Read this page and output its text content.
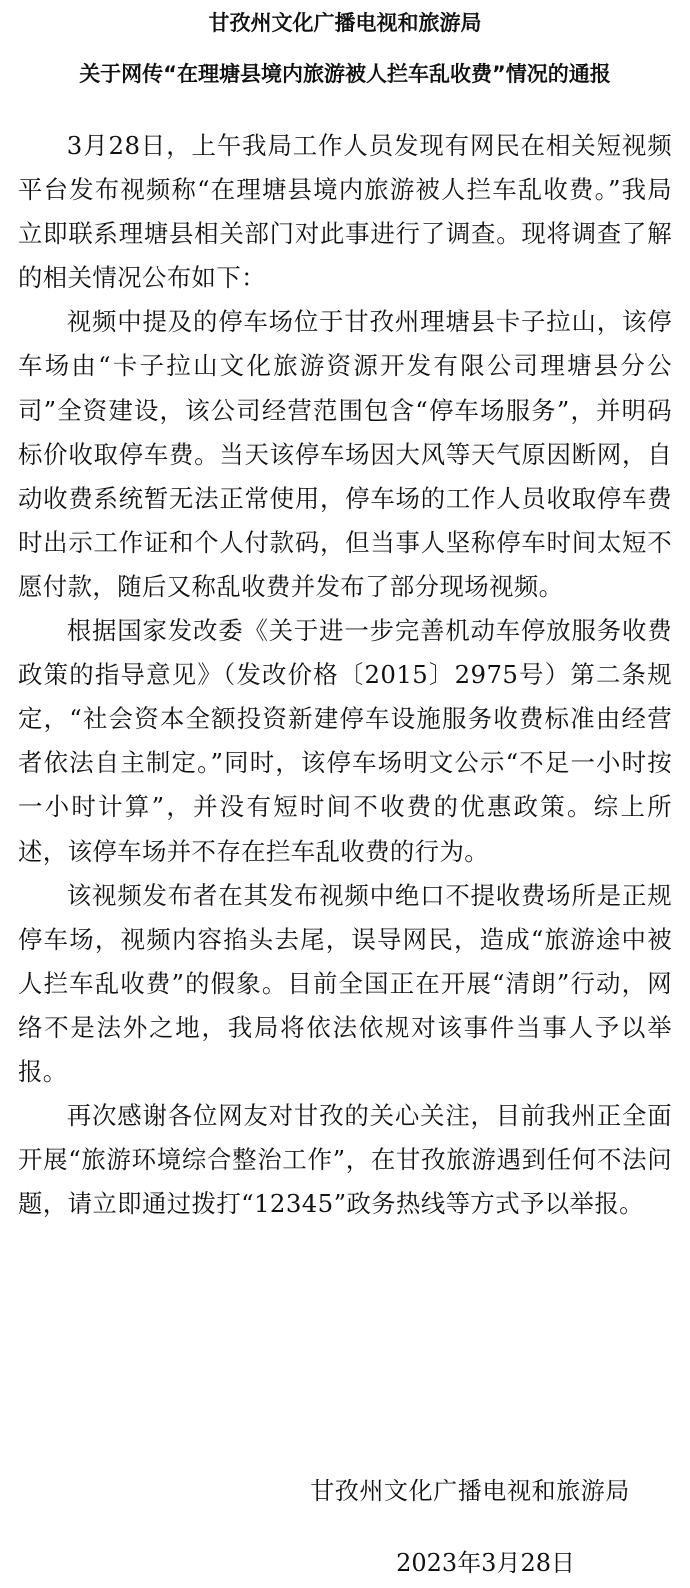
甘孜州文化广播电视和旅游局
关于网传“在理塘县境内旅游被人拦车乱收费”情况的通报

3月28日，上午我局工作人员发现有网民在相关短视频平台发布视频称“在理塘县境内旅游被人拦车乱收费。”我局立即联系理塘县相关部门对此事进行了调查。现将调查了解的相关情况公布如下：

视频中提及的停车场位于甘孜州理塘县卡子拉山，该停车场由“卡子拉山文化旅游资源开发有限公司理塘县分公司”全资建设，该公司经营范围包含“停车场服务”，并明码标价收取停车费。当天该停车场因大风等天气原因断网，自动收费系统暂无法正常使用，停车场的工作人员收取停车费时出示工作证和个人付款码，但当事人坚称停车时间太短不愿付款，随后又称乱收费并发布了部分现场视频。

根据国家发改委《关于进一步完善机动车停放服务收费政策的指导意见》（发改价格〔2015〕2975号）第二条规定，“社会资本全额投资新建停车设施服务收费标准由经营者依法自主制定。”同时，该停车场明文公示“不足一小时按一小时计算”，并没有短时间不收费的优惠政策。综上所述，该停车场并不存在拦车乱收费的行为。

该视频发布者在其发布视频中绝口不提收费场所是正规停车场，视频内容掐头去尾，误导网民，造成“旅游途中被人拦车乱收费”的假象。目前全国正在开展“清朗”行动，网络不是法外之地，我局将依法依规对该事件当事人予以举报。

再次感谢各位网友对甘孜的关心关注，目前我州正全面开展“旅游环境综合整治工作”，在甘孜旅游遇到任何不法问题，请立即通过拨打“12345”政务热线等方式予以举报。

甘孜州文化广播电视和旅游局
2023年3月28日
